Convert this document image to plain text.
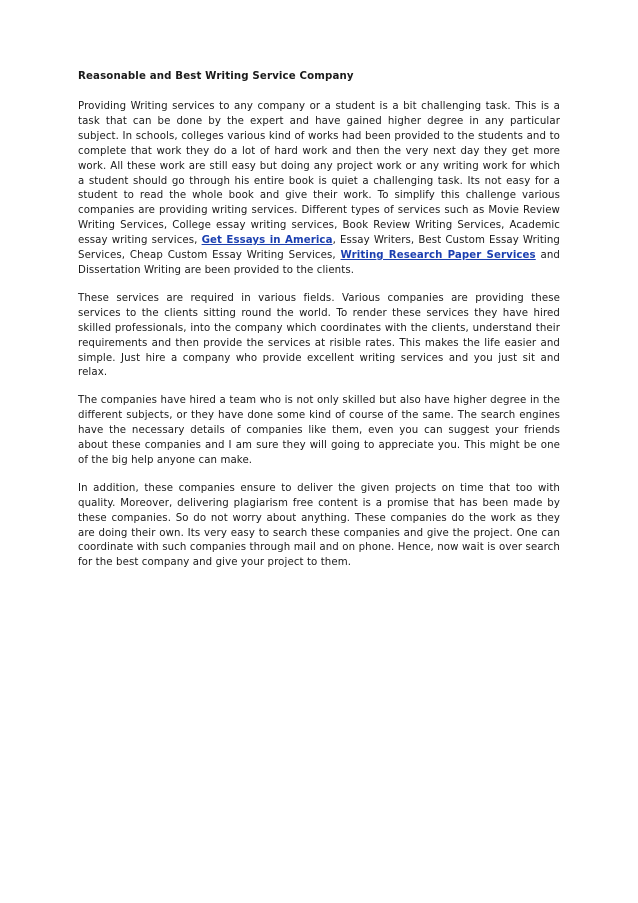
Reasonable and Best Writing Service Company

Providing Writing services to any company or a student is a bit challenging task. This is a task that can be done by the expert and have gained higher degree in any particular subject. In schools, colleges various kind of works had been provided to the students and to complete that work they do a lot of hard work and then the very next day they get more work. All these work are still easy but doing any project work or any writing work for which a student should go through his entire book is quiet a challenging task. Its not easy for a student to read the whole book and give their work. To simplify this challenge various companies are providing writing services. Different types of services such as Movie Review Writing Services, College essay writing services, Book Review Writing Services, Academic essay writing services, Get Essays in America, Essay Writers, Best Custom Essay Writing Services, Cheap Custom Essay Writing Services, Writing Research Paper Services and Dissertation Writing are been provided to the clients.

These services are required in various fields. Various companies are providing these services to the clients sitting round the world. To render these services they have hired skilled professionals, into the company which coordinates with the clients, understand their requirements and then provide the services at risible rates. This makes the life easier and simple. Just hire a company who provide excellent writing services and you just sit and relax.

The companies have hired a team who is not only skilled but also have higher degree in the different subjects, or they have done some kind of course of the same. The search engines have the necessary details of companies like them, even you can suggest your friends about these companies and I am sure they will going to appreciate you. This might be one of the big help anyone can make.

In addition, these companies ensure to deliver the given projects on time that too with quality. Moreover, delivering plagiarism free content is a promise that has been made by these companies. So do not worry about anything. These companies do the work as they are doing their own. Its very easy to search these companies and give the project. One can coordinate with such companies through mail and on phone. Hence, now wait is over search for the best company and give your project to them.
